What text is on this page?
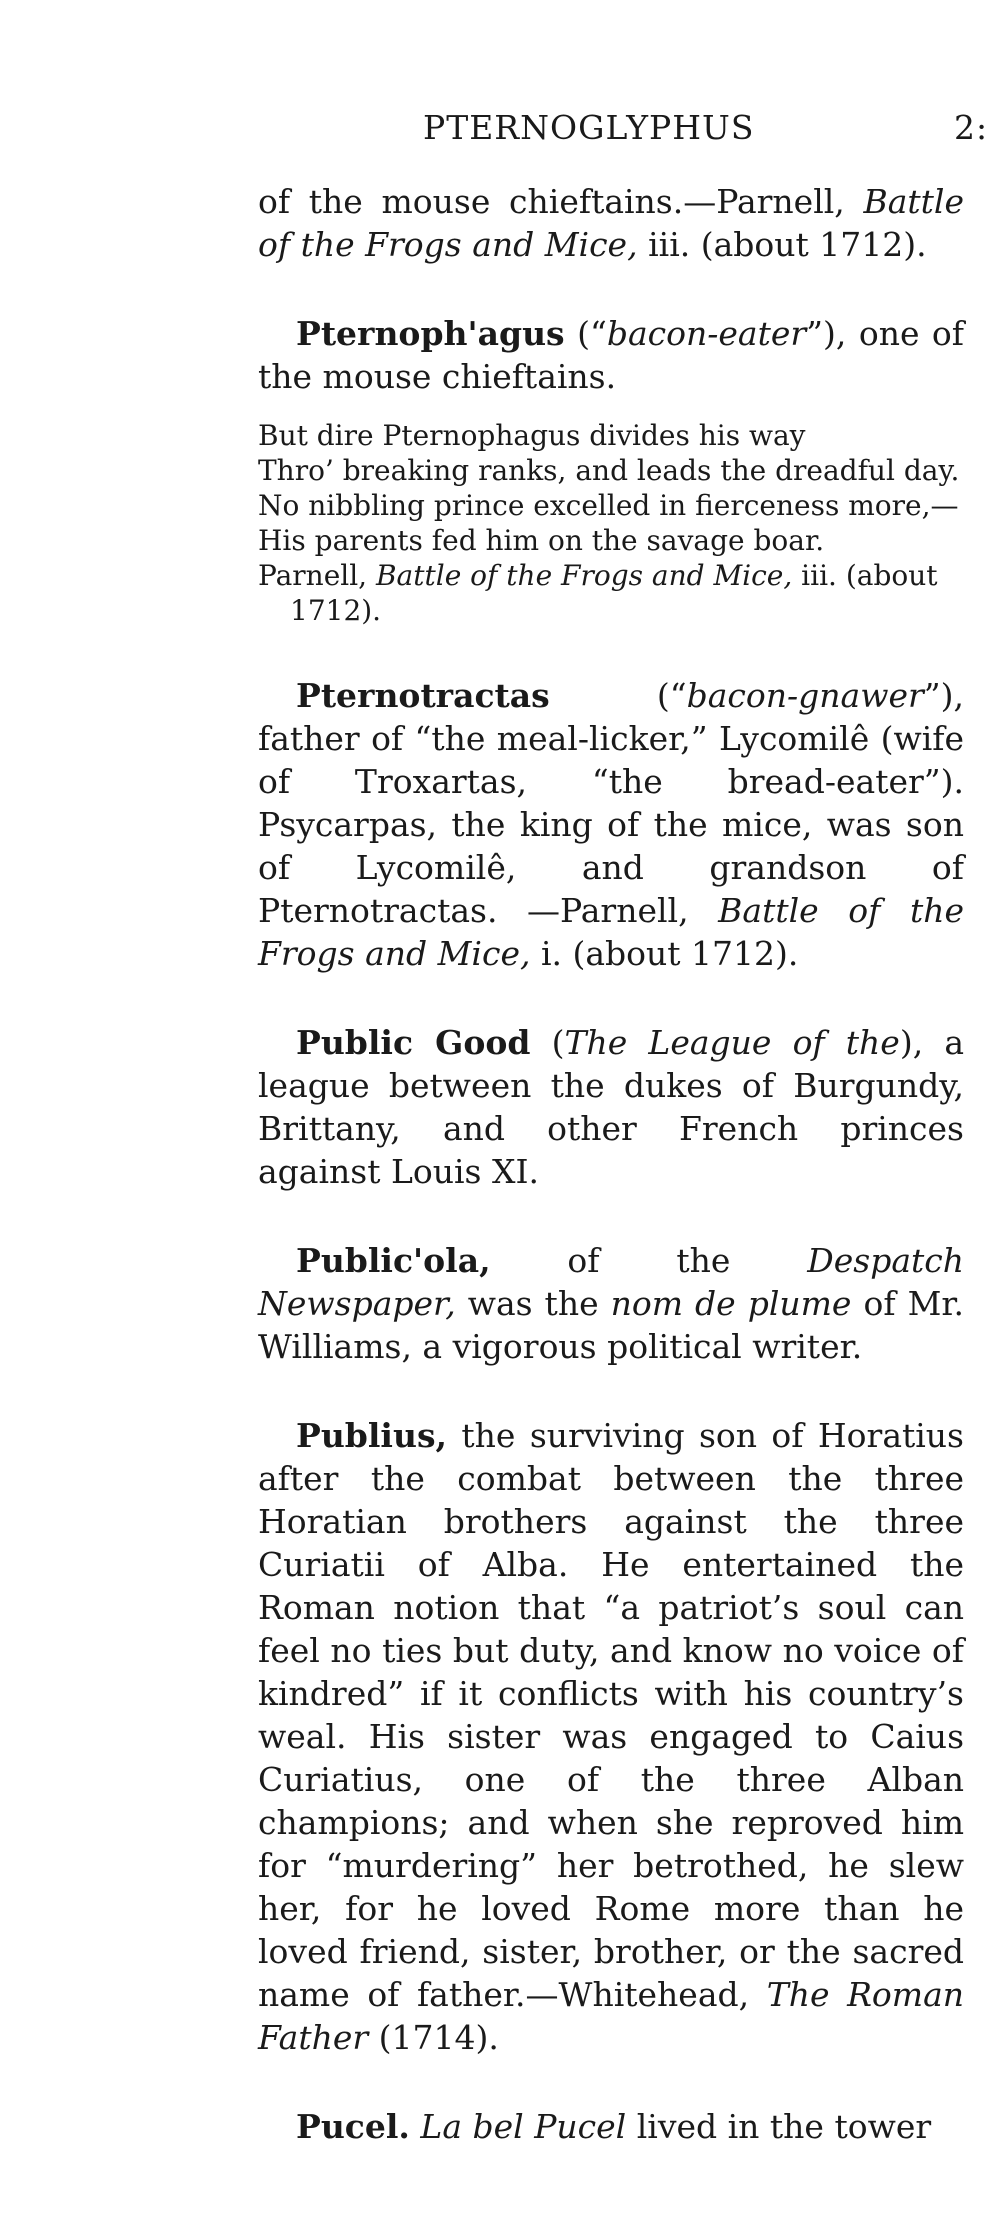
PTERNOGLYPHUS	2:

of the mouse chieftains.—Parnell, Battle of the Frogs and Mice, iii. (about 1712).

Pternoph'agus (“bacon-eater”), one of the mouse chieftains.

But dire Pternophagus divides his way
Thro’ breaking ranks, and leads the dreadful day.
No nibbling prince excelled in fierceness more,—
His parents fed him on the savage boar.
Parnell, Battle of the Frogs and Mice, iii. (about 1712).

Pternotractas (“bacon-gnawer”), father of “the meal-licker,” Lycomilê (wife of Troxartas, “the bread-eater”). Psycarpas, the king of the mice, was son of Lycomilê, and grandson of Pternotractas. —Parnell, Battle of the Frogs and Mice, i. (about 1712).

Public Good (The League of the), a league between the dukes of Burgundy, Brittany, and other French princes against Louis XI.

Public'ola, of the Despatch Newspaper, was the nom de plume of Mr. Williams, a vigorous political writer.

Publius, the surviving son of Horatius after the combat between the three Horatian brothers against the three Curiatii of Alba. He entertained the Roman notion that “a patriot’s soul can feel no ties but duty, and know no voice of kindred” if it conflicts with his country’s weal. His sister was engaged to Caius Curiatius, one of the three Alban champions; and when she reproved him for “murdering” her betrothed, he slew her, for he loved Rome more than he loved friend, sister, brother, or the sacred name of father.—Whitehead, The Roman Father (1714).

Pucel. La bel Pucel lived in the tower
